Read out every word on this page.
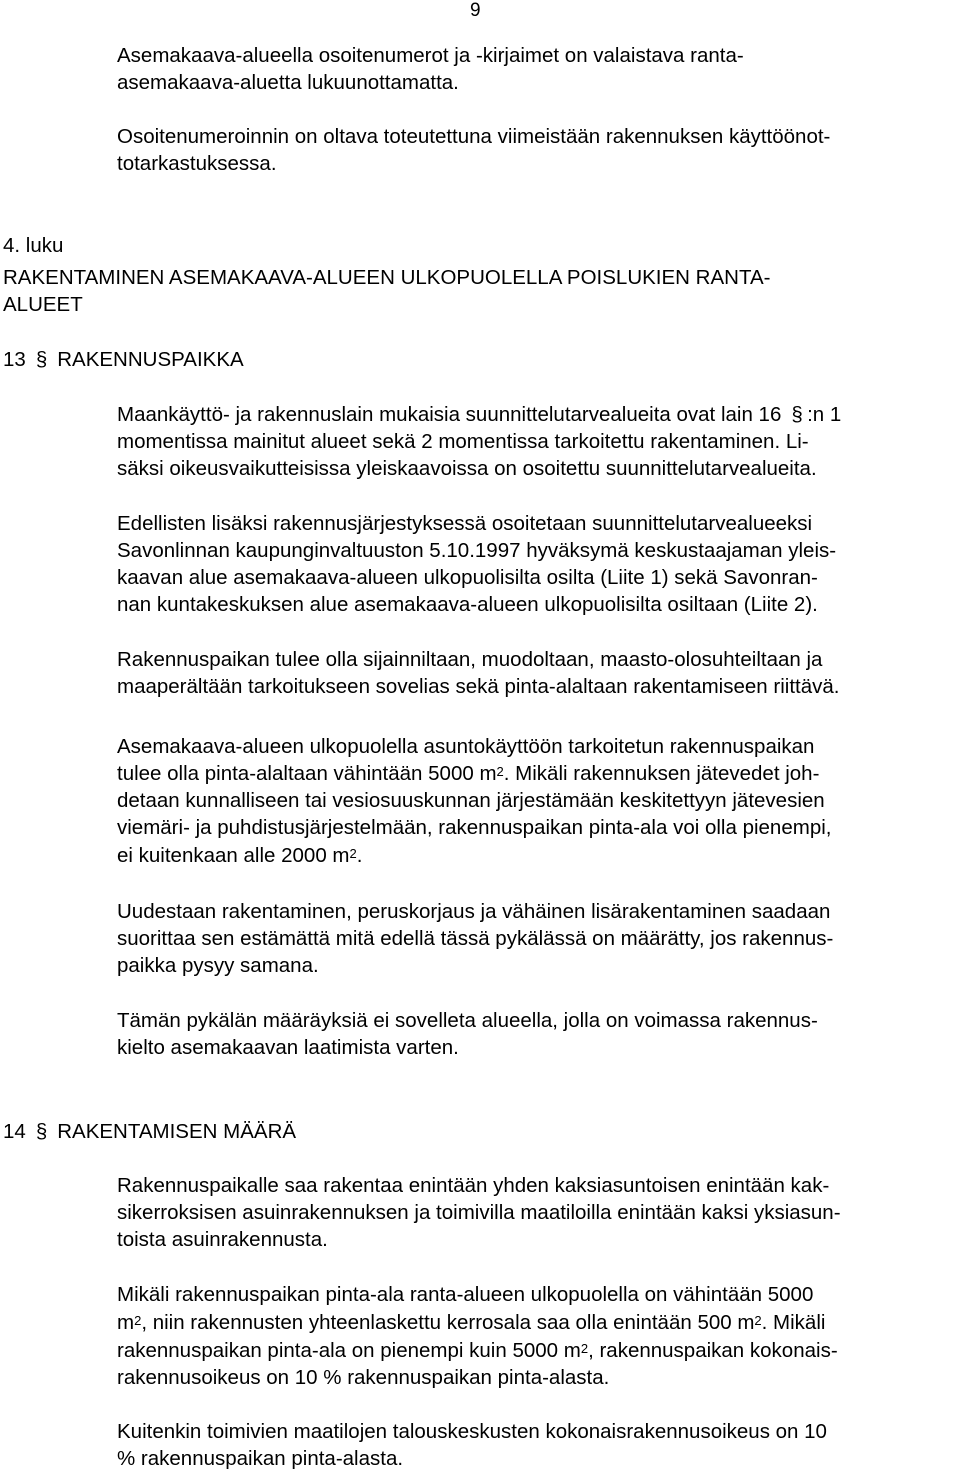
9
Asemakaava-alueella osoitenumerot ja -kirjaimet on valaistava ranta-
asemakaava-aluetta lukuunottamatta.
Osoitenumeroinnin on oltava toteutettuna viimeistään rakennuksen käyttöönot-
totarkastuksessa.
4. luku
RAKENTAMINEN ASEMAKAAVA-ALUEEN ULKOPUOLELLA POISLUKIEN RANTA-
ALUEET
13 § RAKENNUSPAIKKA
Maankäyttö- ja rakennuslain mukaisia suunnittelutarvealueita ovat lain 16 § :n 1
momentissa mainitut alueet sekä 2 momentissa tarkoitettu rakentaminen. Li-
säksi oikeusvaikutteisissa yleiskaavoissa on osoitettu suunnittelutarvealueita.
Edellisten lisäksi rakennusjärjestyksessä osoitetaan suunnittelutarvealueeksi
Savonlinnan kaupunginvaltuuston 5.10.1997 hyväksymä keskustaajaman yleis-
kaavan alue asemakaava-alueen ulkopuolisilta osilta (Liite 1) sekä Savonran-
nan kuntakeskuksen alue asemakaava-alueen ulkopuolisilta osiltaan (Liite 2).
Rakennuspaikan tulee olla sijainniltaan, muodoltaan, maasto-olosuhteiltaan ja
maaperältään tarkoitukseen sovelias sekä pinta-alaltaan rakentamiseen riittävä.
Asemakaava-alueen ulkopuolella asuntokäyttöön tarkoitetun rakennuspaikan
tulee olla pinta-alaltaan vähintään 5000 $m^2$. Mikäli rakennuksen jätevedet joh-
detaan kunnalliseen tai vesiosuuskunnan järjestämään keskitettyyn jätevesien
viemäri- ja puhdistusjärjestelmään, rakennuspaikan pinta-ala voi olla pienempi,
ei kuitenkaan alle 2000 $m^2$.
Uudestaan rakentaminen, peruskorjaus ja vähäinen lisärakentaminen saadaan
suorittaa sen estämättä mitä edellä tässä pykälässä on määrätty, jos rakennus-
paikka pysyy samana.
Tämän pykälän määräyksiä ei sovelleta alueella, jolla on voimassa rakennus-
kielto asemakaavan laatimista varten.
14 § RAKENTAMISEN MÄÄRÄ
Rakennuspaikalle saa rakentaa enintään yhden kaksiasuntoisen enintään kak-
sikerroksisen asuinrakennuksen ja toimivilla maatiloilla enintään kaksi yksiasun-
toista asuinrakennusta.
Mikäli rakennuspaikan pinta-ala ranta-alueen ulkopuolella on vähintään 5000
$m^2$, niin rakennusten yhteenlaskettu kerrosala saa olla enintään 500 $m^2$. Mikäli
rakennuspaikan pinta-ala on pienempi kuin 5000 $m^2$, rakennuspaikan kokonais-
rakennusoikeus on 10 % rakennuspaikan pinta-alasta.
Kuitenkin toimivien maatilojen talouskeskusten kokonaisrakennusoikeus on 10
% rakennuspaikan pinta-alasta.
